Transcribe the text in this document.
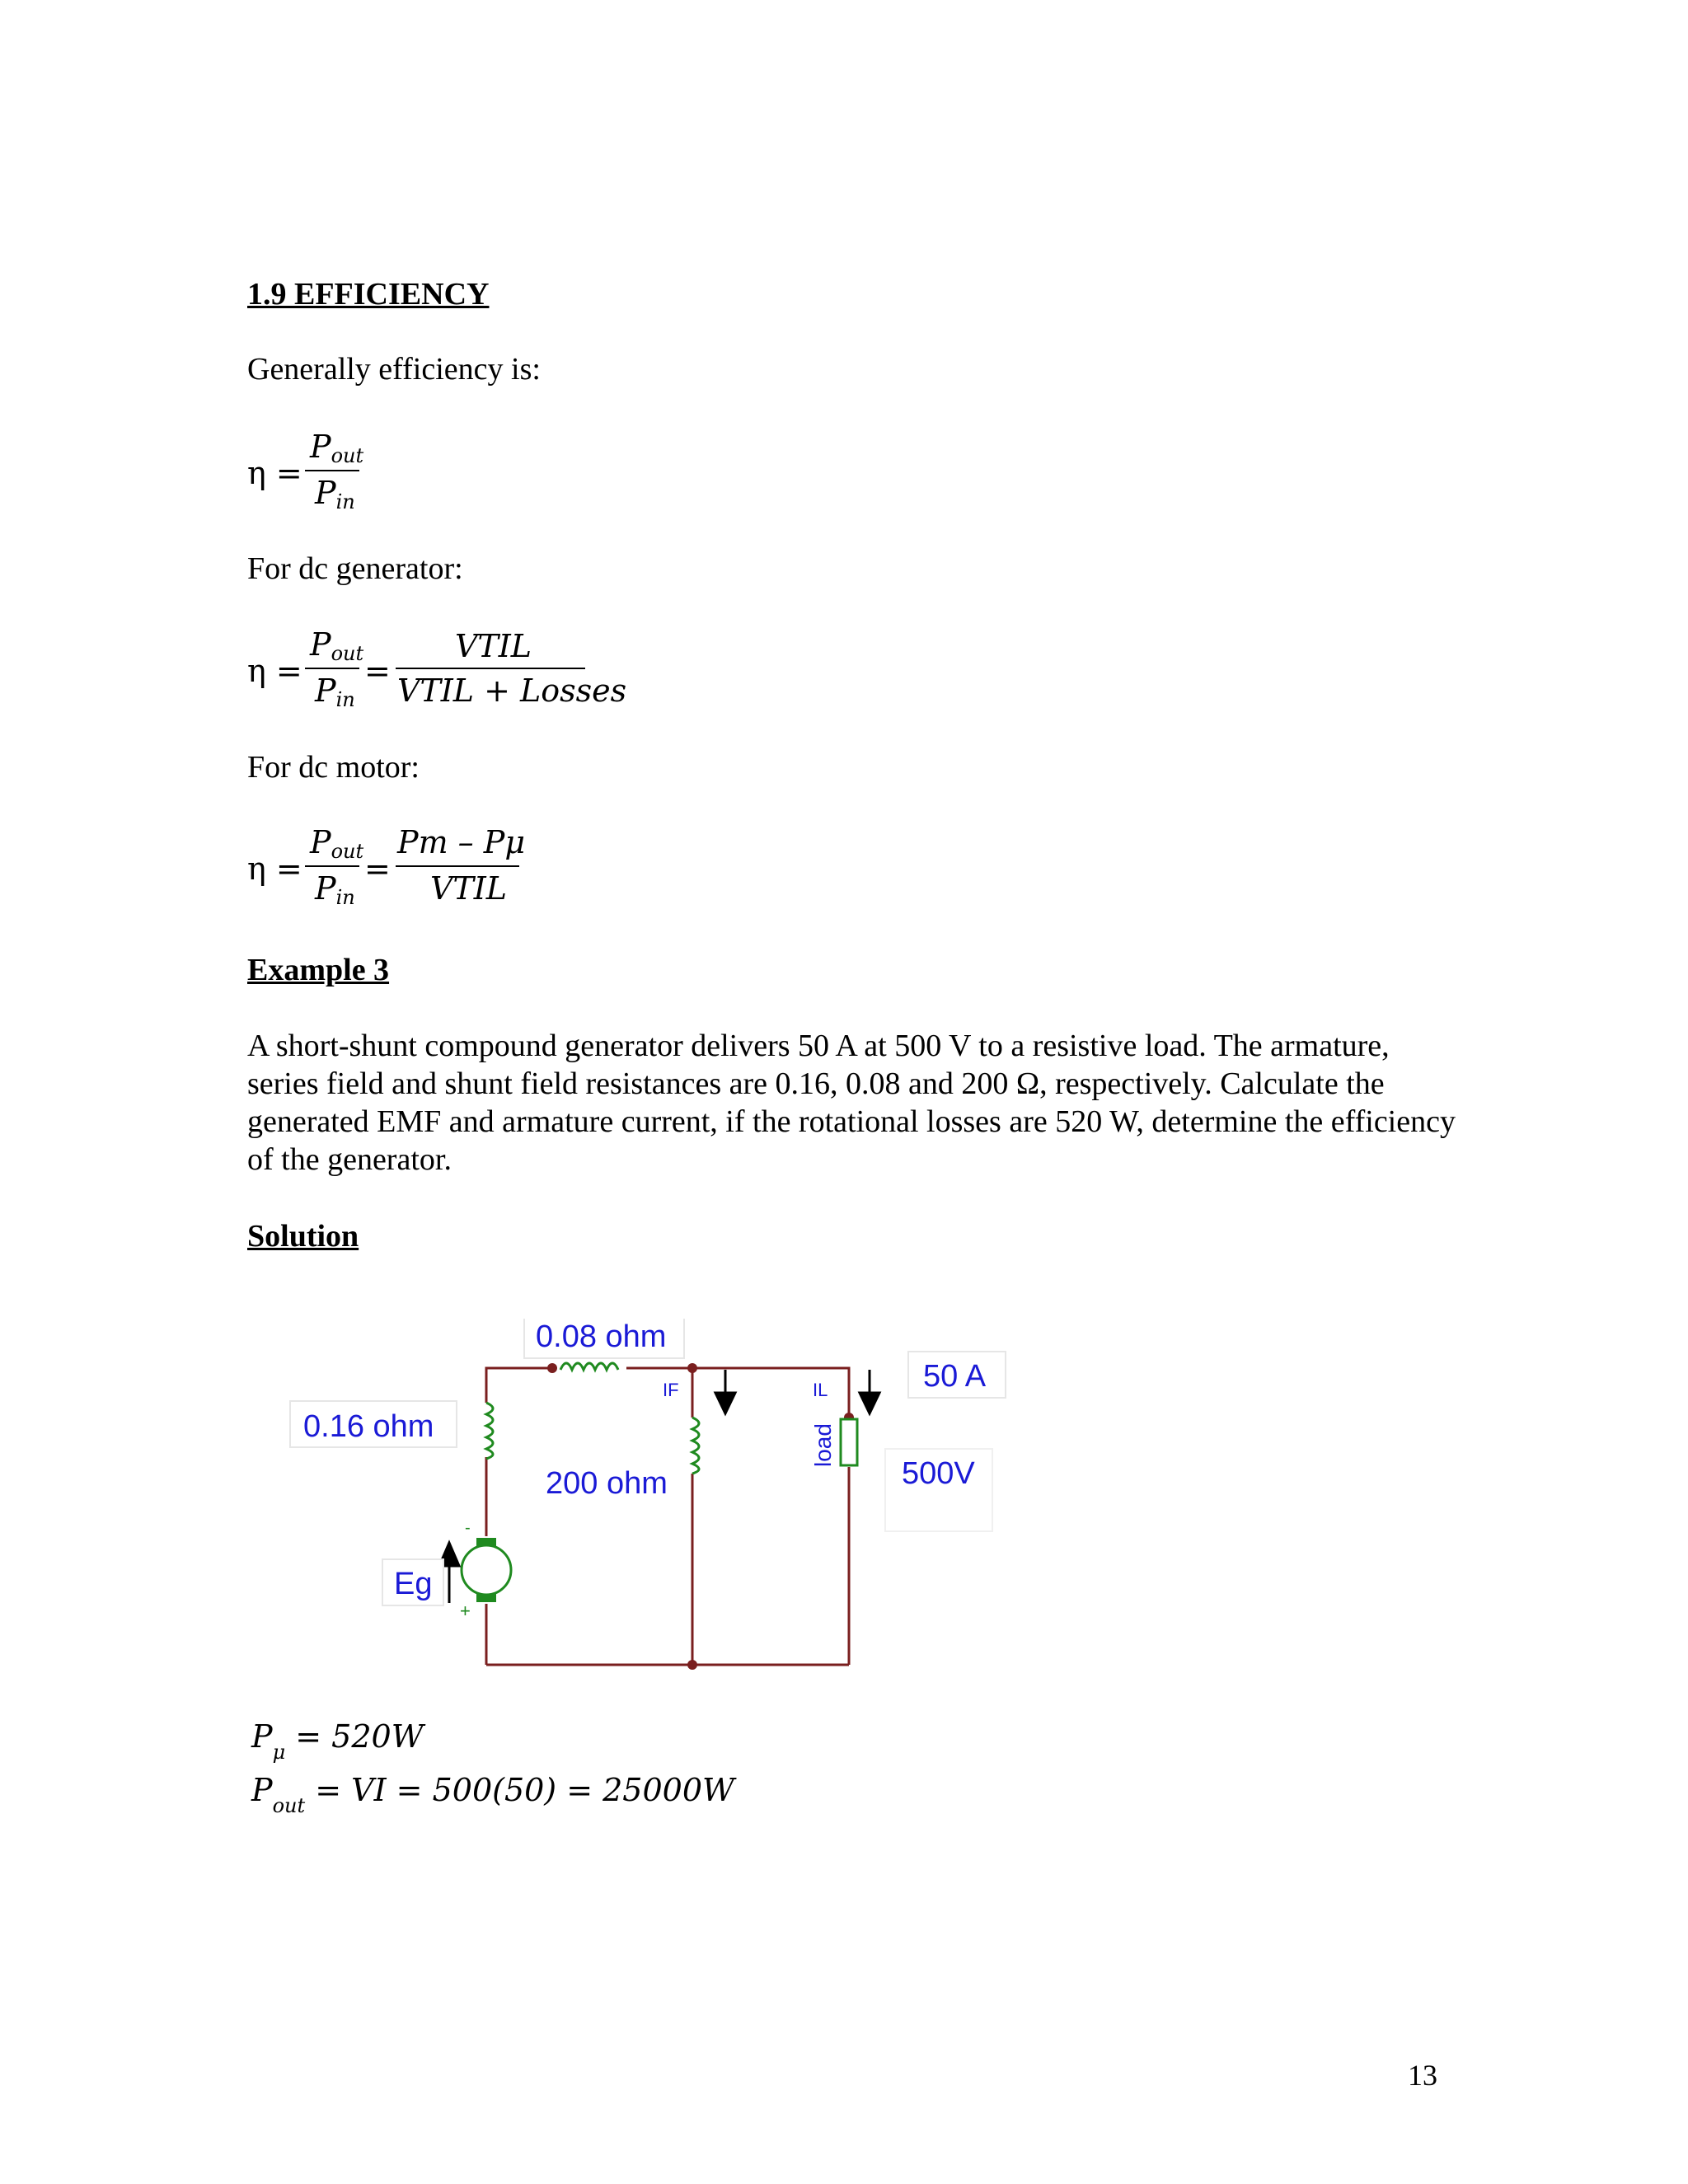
1.9 EFFICIENCY
Generally efficiency is:
η =
$P_{out}$
$P_{in}$
For dc generator:
η =
$P_{out}$
$P_{in}$
=
VTIL
VTIL + Losses
For dc motor:
η =
$P_{out}$
$P_{in}$
=
Pm – Pμ
VTIL
Example 3
A short-shunt compound generator delivers 50 A at 500 V to a resistive load. The armature, series field and shunt field resistances are 0.16, 0.08 and 200 Ω, respectively. Calculate the generated EMF and armature current, if the rotational losses are 520 W, determine the efficiency of the generator.
Solution
-
+
0.08 ohm
0.16 ohm
200 ohm
IF	IL
load
50 A
500V
Eg
$P_\mu = 520W$
$P_{out}$ = VI = 500(50) = 25000W
13
